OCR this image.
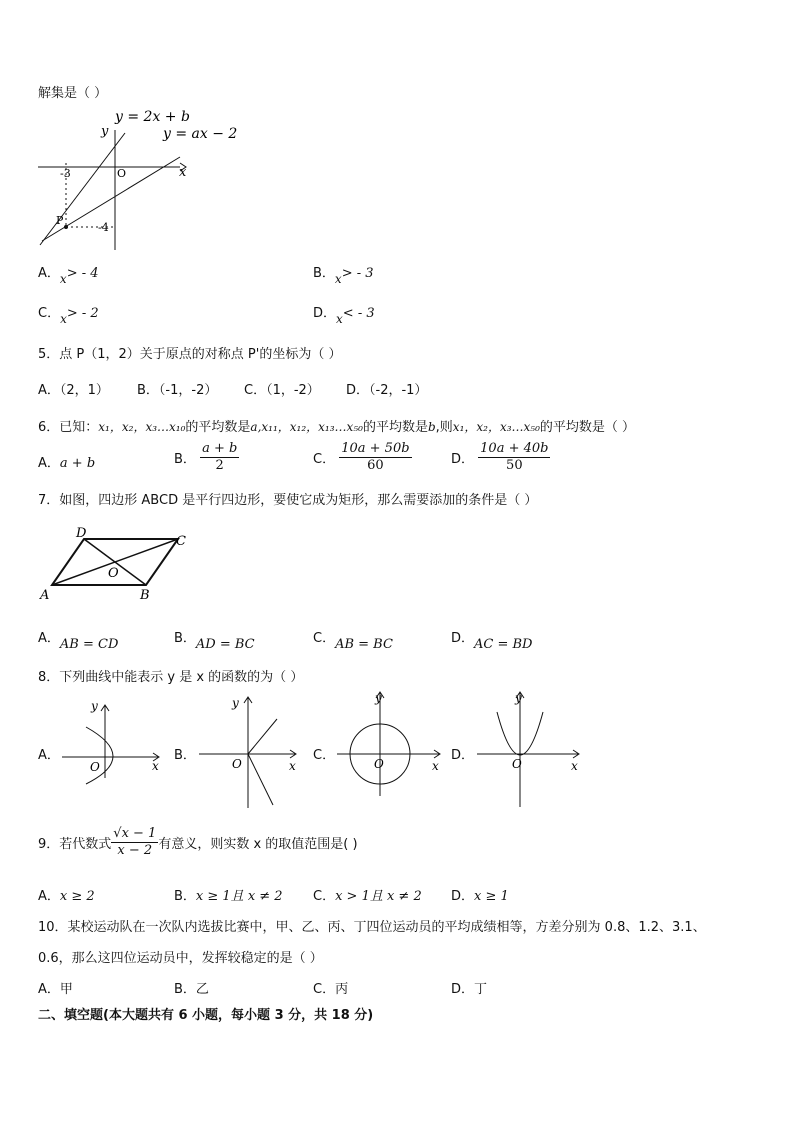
解集是（ ）
y = 2x + b
y = ax − 2
y
x
O
-3
-4
P
A．x> - 4	B．x> - 3
C．x> - 2	D．x< - 3
5．点 P（1，2）关于原点的对称点 P'的坐标为（ ）
A．（2，1） B．（-1，-2） C．（1，-2） D．（-2，-1）
6．已知：x₁，x₂，x₃…x₁₀的平均数是a,x₁₁，x₁₂，x₁₃…x₅₀的平均数是b,则x₁，x₂，x₃…x₅₀的平均数是（ ）
A．a + b	B． $\frac{a + b}{2}$	C． $\frac{10a + 50b}{60}$	D． $\frac{10a + 40b}{50}$
7．如图，四边形 ABCD 是平行四边形，要使它成为矩形，那么需要添加的条件是（ ）
D
C
O
A	B
A．AB = CD	B．AD = BC	C．AB = BC	D．AC = BD
8．下列曲线中能表示 y 是 x 的函数的为（ ）
A．
y
x
O
B．
y
x
O
C．
y
x
O
D．
y
x
O
9．若代数式 $\frac{√x - 1}{x - 2}$ 有意义，则实数 x 的取值范围是( )
A．x ≥ 2	B．x ≥ 1且 x ≠ 2 C．x > 1且 x ≠ 2 D．x ≥ 1
10．某校运动队在一次队内选拔比赛中，甲、乙、丙、丁四位运动员的平均成绩相等，方差分别为 0.8、1.2、3.1、
0.6，那么这四位运动员中，发挥较稳定的是（ ）
A．甲	B．乙	C．丙	D．丁
二、填空题(本大题共有 6 小题，每小题 3 分，共 18 分)
